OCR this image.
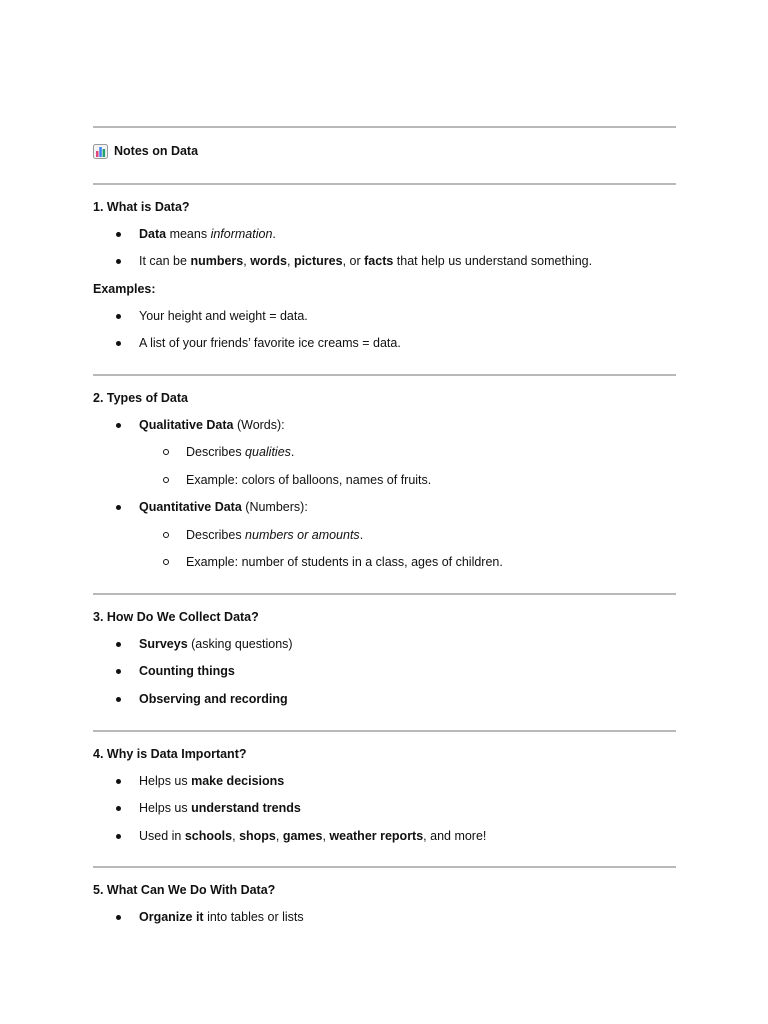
Notes on Data
1. What is Data?
Data means information.
It can be numbers, words, pictures, or facts that help us understand something.
Examples:
Your height and weight = data.
A list of your friends’ favorite ice creams = data.
2. Types of Data
Qualitative Data (Words):
Describes qualities.
Example: colors of balloons, names of fruits.
Quantitative Data (Numbers):
Describes numbers or amounts.
Example: number of students in a class, ages of children.
3. How Do We Collect Data?
Surveys (asking questions)
Counting things
Observing and recording
4. Why is Data Important?
Helps us make decisions
Helps us understand trends
Used in schools, shops, games, weather reports, and more!
5. What Can We Do With Data?
Organize it into tables or lists
